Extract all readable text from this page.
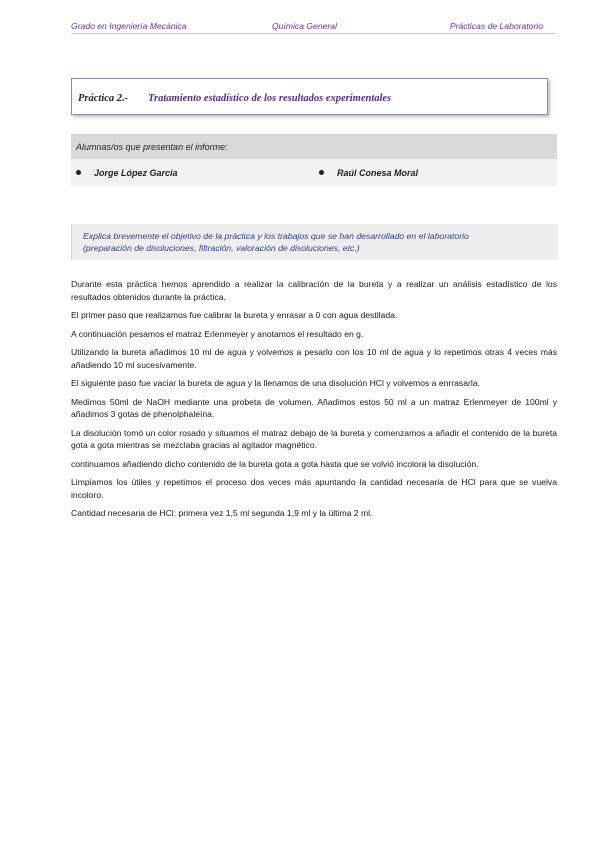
Grado en Ingeniería Mecánica	Química General	Prácticas de Laboratorio
Práctica 2.- Tratamiento estadístico de los resultados experimentales
Alumnas/os que presentan el informe:
Jorge López García	Raúl Conesa Moral
Explica brevemente el objetivo de la práctica y los trabajos que se han desarrollado en el laboratorio
(preparación de disoluciones, filtración, valoración de disoluciones, etc.)

Durante esta práctica hemos aprendido a realizar la calibración de la bureta y a realizar un análisis estadístico de los resultados obtenidos durante la práctica.

El primer paso que realizamos fue calibrar la bureta y enrasar a 0 con agua destilada.

A continuación pesamos el matraz Erlenmeyer y anotamos el resultado en g.

Utilizando la bureta añadimos 10 ml de agua y volvemos a pesarlo con los 10 ml de agua y lo repetimos otras 4 veces más añadiendo 10 ml sucesivamente.

El siguiente paso fue vaciar la bureta de agua y la llenamos de una disolución HCl y volvemos a enrrasarla.

Medimos 50ml de NaOH mediante una probeta de volumen. Añadimos estos 50 ml a un matraz Erlenmeyer de 100ml y añadimos 3 gotas de phenolphaleína.

La disolución tomó un color rosado y situamos el matraz debajo de la bureta y comenzamos a añadir el contenido de la bureta gota a gota mientras se mezclaba gracias al agitador magnético.

continuamos añadiendo dicho contenido de la bureta gota a gota hasta que se volvió incolora la disolución.

Limpiamos los útiles y repetimos el proceso dos veces más apuntando la cantidad necesaria de HCl para que se vuelva incoloro.

Cantidad necesaria de HCl: primera vez 1,5 ml segunda 1,9 ml y la última 2 ml.
